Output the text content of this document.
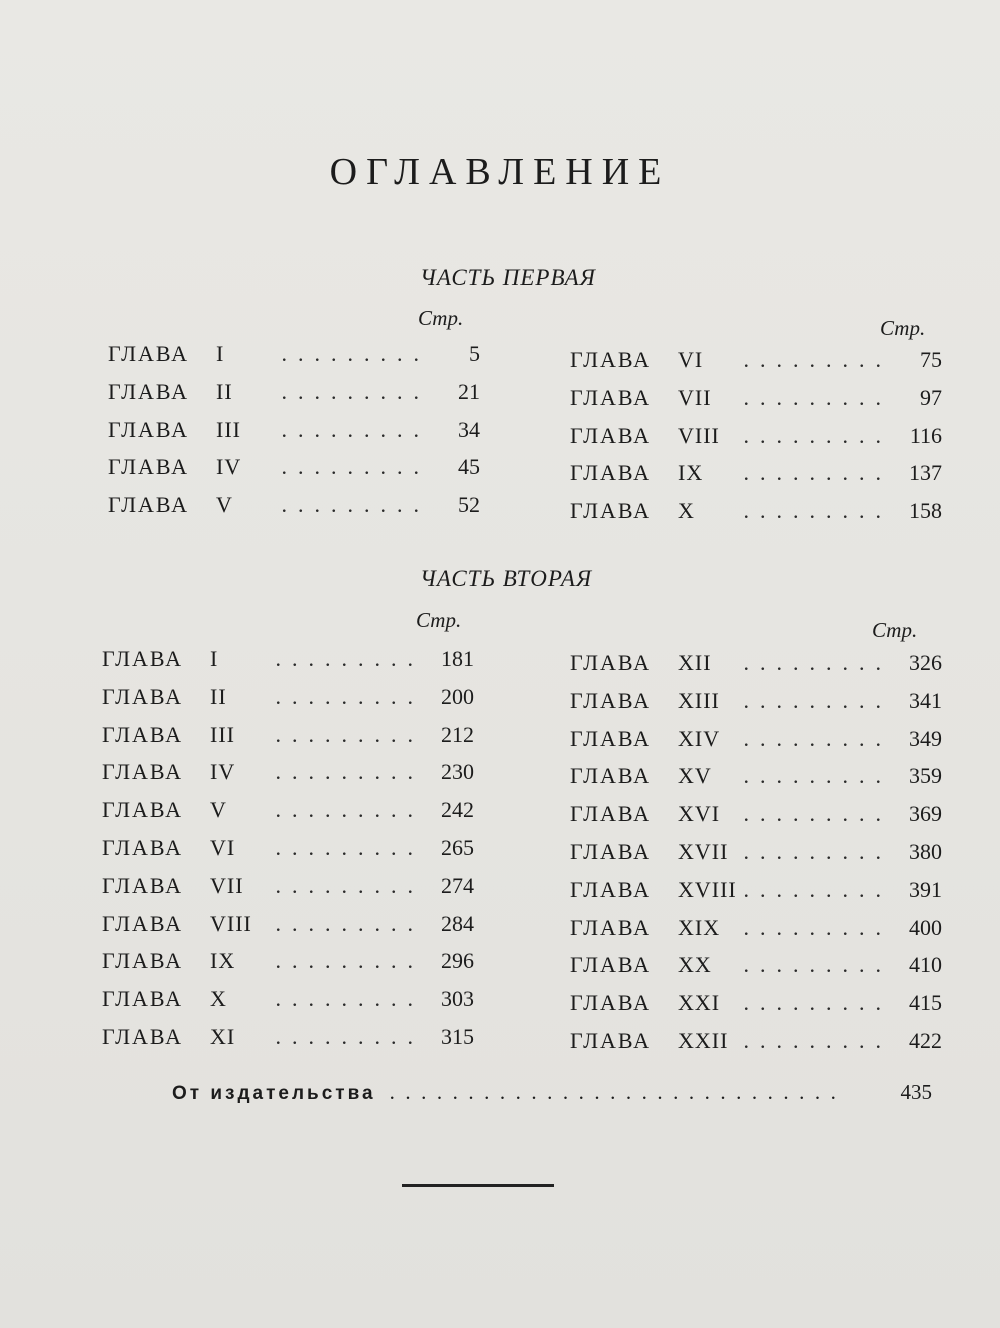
ОГЛАВЛЕНИЕ
ЧАСТЬ ПЕРВАЯ
Стр.	Стр.
ГЛАВА	I . .	5
ГЛАВА	II . .	21
ГЛАВА	III . .	34
ГЛАВА	IV . .	45
ГЛАВА	V . .	52
ГЛАВА	VI . .	75
ГЛАВА	VII . .	97
ГЛАВА	VIII . .	116
ГЛАВА	IX . .	137
ГЛАВА	X . .	158
ЧАСТЬ ВТОРАЯ
Стр.	Стр.
ГЛАВА	I . .	181
ГЛАВА	II . .	200
ГЛАВА	III . .	212
ГЛАВА	IV . .	230
ГЛАВА	V . .	242
ГЛАВА	VI . .	265
ГЛАВА	VII . .	274
ГЛАВА	VIII . .	284
ГЛАВА	IX . .	296
ГЛАВА	X . .	303
ГЛАВА	XI . .	315
ГЛАВА	XII . .	326
ГЛАВА	XIII . .	341
ГЛАВА	XIV . .	349
ГЛАВА	XV . .	359
ГЛАВА	XVI . .	369
ГЛАВА	XVII . .	380
ГЛАВА	XVIII . .	391
ГЛАВА	XIX . .	400
ГЛАВА	XX . .	410
ГЛАВА	XXI . .	415
ГЛАВА	XXII . .	422
От издательства . .	435
